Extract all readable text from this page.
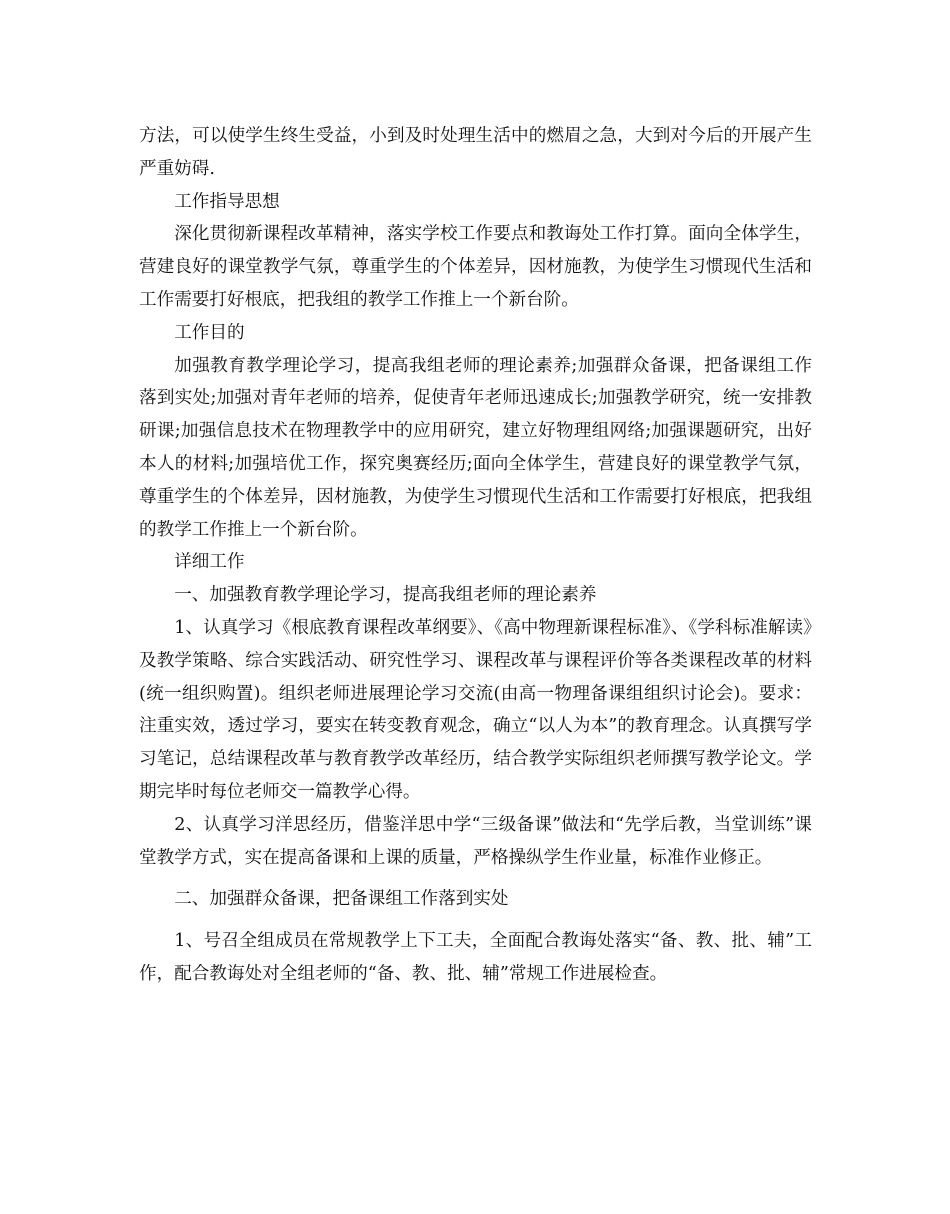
方法，可以使学生终生受益，小到及时处理生活中的燃眉之急，大到对今后的开展产生严重妨碍.

工作指导思想

深化贯彻新课程改革精神，落实学校工作要点和教诲处工作打算。面向全体学生，营建良好的课堂教学气氛，尊重学生的个体差异，因材施教，为使学生习惯现代生活和工作需要打好根底，把我组的教学工作推上一个新台阶。

工作目的

加强教育教学理论学习，提高我组老师的理论素养;加强群众备课，把备课组工作落到实处;加强对青年老师的培养，促使青年老师迅速成长;加强教学研究，统一安排教研课;加强信息技术在物理教学中的应用研究，建立好物理组网络;加强课题研究，出好本人的材料;加强培优工作，探究奥赛经历;面向全体学生，营建良好的课堂教学气氛，尊重学生的个体差异，因材施教，为使学生习惯现代生活和工作需要打好根底，把我组的教学工作推上一个新台阶。

详细工作

一、加强教育教学理论学习，提高我组老师的理论素养

1、认真学习《根底教育课程改革纲要》、《高中物理新课程标准》、《学科标准解读》及教学策略、综合实践活动、研究性学习、课程改革与课程评价等各类课程改革的材料(统一组织购置)。组织老师进展理论学习交流(由高一物理备课组组织讨论会)。要求：注重实效，透过学习，要实在转变教育观念，确立“以人为本”的教育理念。认真撰写学习笔记，总结课程改革与教育教学改革经历，结合教学实际组织老师撰写教学论文。学期完毕时每位老师交一篇教学心得。

2、认真学习洋思经历，借鉴洋思中学“三级备课”做法和“先学后教，当堂训练”课堂教学方式，实在提高备课和上课的质量，严格操纵学生作业量，标准作业修正。

二、加强群众备课，把备课组工作落到实处

1、号召全组成员在常规教学上下工夫，全面配合教诲处落实“备、教、批、辅”工作，配合教诲处对全组老师的“备、教、批、辅”常规工作进展检查。
